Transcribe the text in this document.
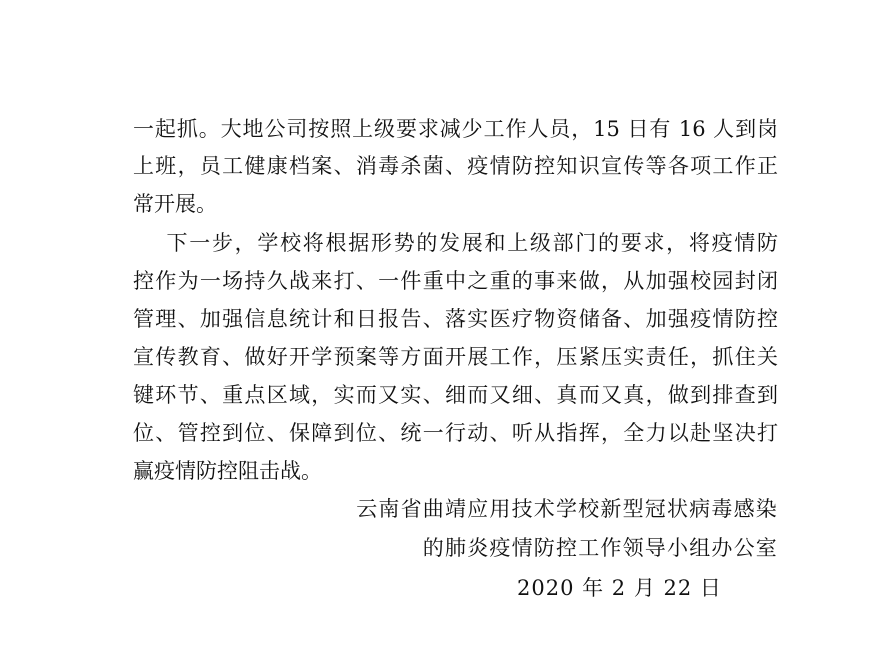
一起抓。大地公司按照上级要求减少工作人员，15 日有 16 人到岗
上班，员工健康档案、消毒杀菌、疫情防控知识宣传等各项工作正
常开展。
下一步，学校将根据形势的发展和上级部门的要求，将疫情防
控作为一场持久战来打、一件重中之重的事来做，从加强校园封闭
管理、加强信息统计和日报告、落实医疗物资储备、加强疫情防控
宣传教育、做好开学预案等方面开展工作，压紧压实责任，抓住关
键环节、重点区域，实而又实、细而又细、真而又真，做到排查到
位、管控到位、保障到位、统一行动、听从指挥，全力以赴坚决打
赢疫情防控阻击战。
云南省曲靖应用技术学校新型冠状病毒感染
的肺炎疫情防控工作领导小组办公室
2020 年 2 月 22 日
